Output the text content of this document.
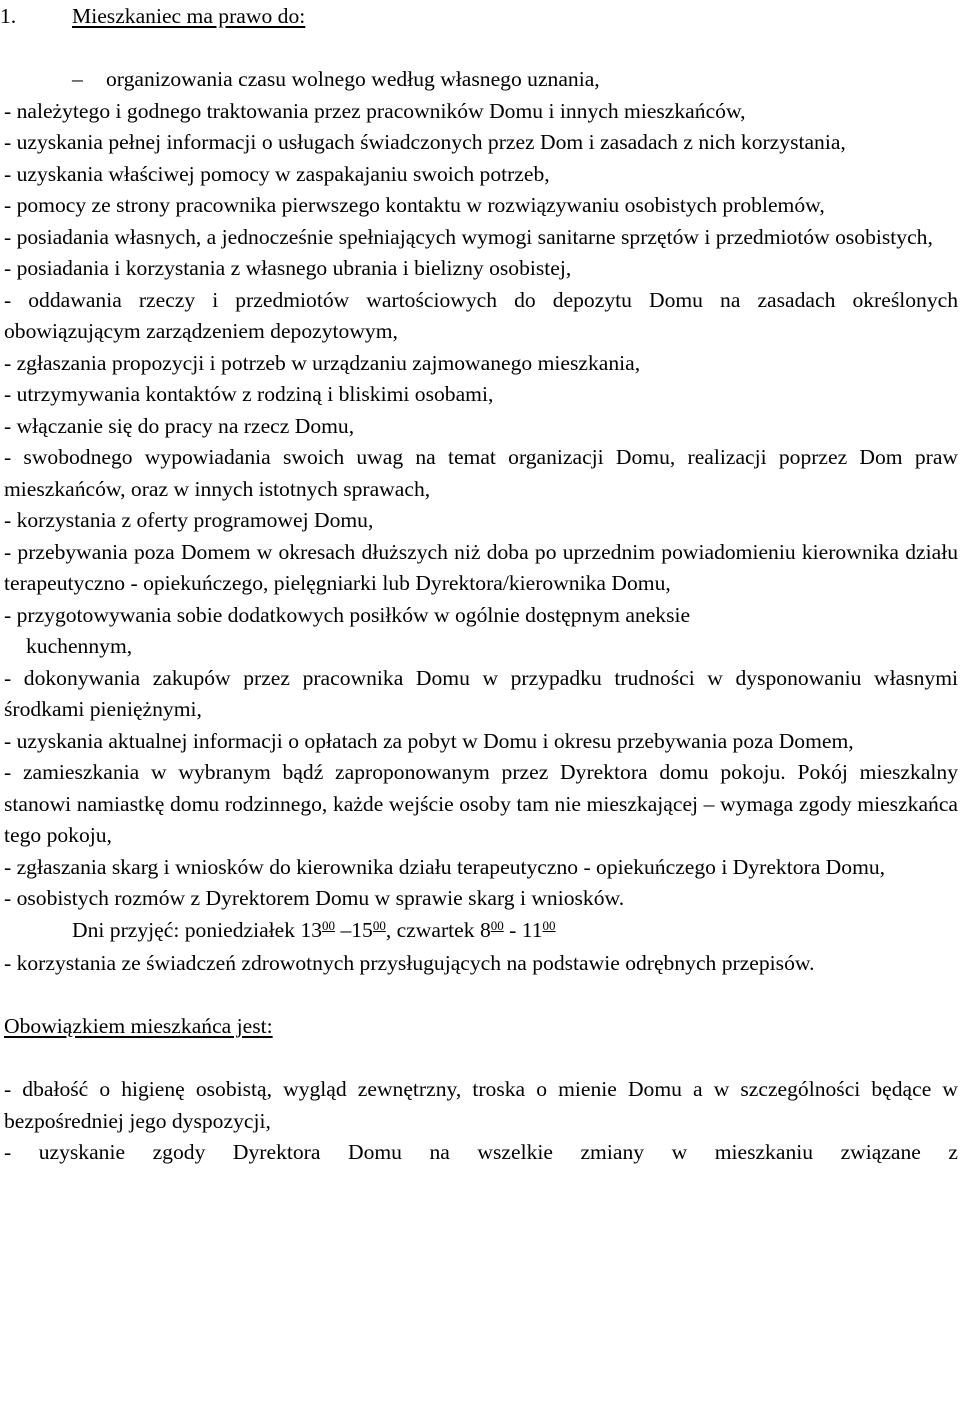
1.	Mieszkaniec ma prawo do:

– organizowania czasu wolnego według własnego uznania,

- należytego i godnego traktowania przez pracowników Domu i innych mieszkańców,

- uzyskania pełnej informacji o usługach świadczonych przez Dom i zasadach z nich korzystania,

- uzyskania właściwej pomocy w zaspakajaniu swoich potrzeb,

- pomocy ze strony pracownika pierwszego kontaktu w rozwiązywaniu osobistych problemów,

- posiadania własnych, a jednocześnie spełniających wymogi sanitarne sprzętów i przedmiotów osobistych,

- posiadania i korzystania z własnego ubrania i bielizny osobistej,

- oddawania rzeczy i przedmiotów wartościowych do depozytu Domu na zasadach określonych obowiązującym zarządzeniem depozytowym,

- zgłaszania propozycji i potrzeb w urządzaniu zajmowanego mieszkania,

- utrzymywania kontaktów z rodziną i bliskimi osobami,

- włączanie się do pracy na rzecz Domu,

- swobodnego wypowiadania swoich uwag na temat organizacji Domu, realizacji poprzez Dom praw mieszkańców, oraz w innych istotnych sprawach,

- korzystania z oferty programowej Domu,

- przebywania poza Domem w okresach dłuższych niż doba po uprzednim powiadomieniu kierownika działu terapeutyczno - opiekuńczego, pielęgniarki lub Dyrektora/kierownika Domu,

- przygotowywania sobie dodatkowych posiłków w ogólnie dostępnym aneksie
kuchennym,

- dokonywania zakupów przez pracownika Domu w przypadku trudności w dysponowaniu własnymi środkami pieniężnymi,

- uzyskania aktualnej informacji o opłatach za pobyt w Domu i okresu przebywania poza Domem,

- zamieszkania w wybranym bądź zaproponowanym przez Dyrektora domu pokoju. Pokój mieszkalny stanowi namiastkę domu rodzinnego, każde wejście osoby tam nie mieszkającej – wymaga zgody mieszkańca tego pokoju,

- zgłaszania skarg i wniosków do kierownika działu terapeutyczno - opiekuńczego i Dyrektora Domu,

- osobistych rozmów z Dyrektorem Domu w sprawie skarg i wniosków.

Dni przyjęć: poniedziałek $13^{00}$ $-15^{00}$, czwartek $8^{00} - 11^{00}$

- korzystania ze świadczeń zdrowotnych przysługujących na podstawie odrębnych przepisów.

Obowiązkiem mieszkańca jest:

- dbałość o higienę osobistą, wygląd zewnętrzny, troska o mienie Domu a w szczególności będące w bezpośredniej jego dyspozycji,

- uzyskanie zgody Dyrektora Domu na wszelkie zmiany w mieszkaniu związane z
